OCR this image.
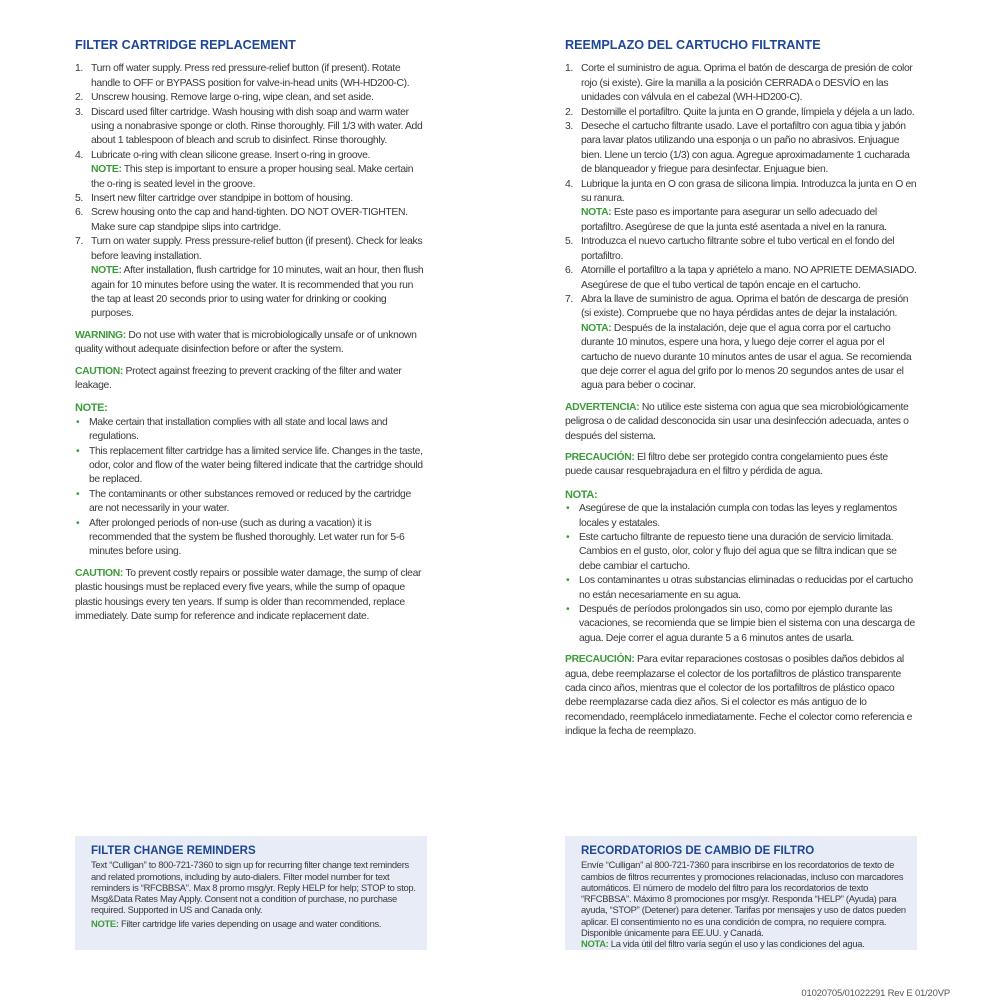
FILTER CARTRIDGE REPLACEMENT
1. Turn off water supply. Press red pressure-relief button (if present). Rotate handle to OFF or BYPASS position for valve-in-head units (WH-HD200-C).
2. Unscrew housing. Remove large o-ring, wipe clean, and set aside.
3. Discard used filter cartridge. Wash housing with dish soap and warm water using a nonabrasive sponge or cloth. Rinse thoroughly. Fill 1/3 with water. Add about 1 tablespoon of bleach and scrub to disinfect. Rinse thoroughly.
4. Lubricate o-ring with clean silicone grease. Insert o-ring in groove.
NOTE: This step is important to ensure a proper housing seal. Make certain the o-ring is seated level in the groove.
5. Insert new filter cartridge over standpipe in bottom of housing.
6. Screw housing onto the cap and hand-tighten. DO NOT OVER-TIGHTEN. Make sure cap standpipe slips into cartridge.
7. Turn on water supply. Press pressure-relief button (if present). Check for leaks before leaving installation.
NOTE: After installation, flush cartridge for 10 minutes, wait an hour, then flush again for 10 minutes before using the water. It is recommended that you run the tap at least 20 seconds prior to using water for drinking or cooking purposes.
WARNING: Do not use with water that is microbiologically unsafe or of unknown quality without adequate disinfection before or after the system.
CAUTION: Protect against freezing to prevent cracking of the filter and water leakage.
NOTE:
• Make certain that installation complies with all state and local laws and regulations.
• This replacement filter cartridge has a limited service life. Changes in the taste, odor, color and flow of the water being filtered indicate that the cartridge should be replaced.
• The contaminants or other substances removed or reduced by the cartridge are not necessarily in your water.
• After prolonged periods of non-use (such as during a vacation) it is recommended that the system be flushed thoroughly. Let water run for 5-6 minutes before using.
CAUTION: To prevent costly repairs or possible water damage, the sump of clear plastic housings must be replaced every five years, while the sump of opaque plastic housings every ten years. If sump is older than recommended, replace immediately. Date sump for reference and indicate replacement date.
REEMPLAZO DEL CARTUCHO FILTRANTE
1. Corte el suministro de agua. Oprima el batón de descarga de presión de color rojo (si existe). Gire la manilla a la posición CERRADA o DESVÍO en las unidades con válvula en el cabezal (WH-HD200-C).
2. Destornille el portafiltro. Quite la junta en O grande, límpiela y déjela a un lado.
3. Deseche el cartucho filtrante usado. Lave el portafiltro con agua tibia y jabón para lavar platos utilizando una esponja o un paño no abrasivos. Enjuague bien. Llene un tercio (1/3) con agua. Agregue aproximadamente 1 cucharada de blanqueador y friegue para desinfectar. Enjuague bien.
4. Lubrique la junta en O con grasa de silicona limpia. Introduzca la junta en O en su ranura.
NOTA: Este paso es importante para asegurar un sello adecuado del portafiltro. Asegúrese de que la junta esté asentada a nivel en la ranura.
5. Introduzca el nuevo cartucho filtrante sobre el tubo vertical en el fondo del portafiltro.
6. Atornille el portafiltro a la tapa y apriételo a mano. NO APRIETE DEMASIADO. Asegúrese de que el tubo vertical de tapón encaje en el cartucho.
7. Abra la llave de suministro de agua. Oprima el batón de descarga de presión (si existe). Compruebe que no haya pérdidas antes de dejar la instalación.
NOTA: Después de la instalación, deje que el agua corra por el cartucho durante 10 minutos, espere una hora, y luego deje correr el agua por el cartucho de nuevo durante 10 minutos antes de usar el agua. Se recomienda que deje correr el agua del grifo por lo menos 20 segundos antes de usar el agua para beber o cocinar.
ADVERTENCIA: No utilice este sistema con agua que sea microbiológicamente peligrosa o de calidad desconocida sin usar una desinfección adecuada, antes o después del sistema.
PRECAUCIÓN: El filtro debe ser protegido contra congelamiento pues éste puede causar resquebrajadura en el filtro y pérdida de agua.
NOTA:
• Asegúrese de que la instalación cumpla con todas las leyes y reglamentos locales y estatales.
• Este cartucho filtrante de repuesto tiene una duración de servicio limitada. Cambios en el gusto, olor, color y flujo del agua que se filtra indican que se debe cambiar el cartucho.
• Los contaminantes u otras substancias eliminadas o reducidas por el cartucho no están necesariamente en su agua.
• Después de períodos prolongados sin uso, como por ejemplo durante las vacaciones, se recomienda que se limpie bien el sistema con una descarga de agua. Deje correr el agua durante 5 a 6 minutos antes de usarla.
PRECAUCIÓN: Para evitar reparaciones costosas o posibles daños debidos al agua, debe reemplazarse el colector de los portafiltros de plástico transparente cada cinco años, mientras que el colector de los portafiltros de plástico opaco debe reemplazarse cada diez años. Si el colector es más antiguo de lo recomendado, reemplácelo inmediatamente. Feche el colector como referencia e indique la fecha de reemplazo.
FILTER CHANGE REMINDERS
Text “Culligan” to 800-721-7360 to sign up for recurring filter change text reminders and related promotions, including by auto-dialers. Filter model number for text reminders is “RFCBBSA”. Max 8 promo msg/yr. Reply HELP for help; STOP to stop. Msg&Data Rates May Apply. Consent not a condition of purchase, no purchase required. Supported in US and Canada only.
NOTE: Filter cartridge life varies depending on usage and water conditions.
RECORDATORIOS DE CAMBIO DE FILTRO
Envíe “Culligan” al 800-721-7360 para inscribirse en los recordatorios de texto de cambios de filtros recurrentes y promociones relacionadas, incluso con marcadores automáticos. El número de modelo del filtro para los recordatorios de texto “RFCBBSA”. Máximo 8 promociones por msg/yr. Responda “HELP” (Ayuda) para ayuda, “STOP” (Detener) para detener. Tarifas por mensajes y uso de datos pueden aplicar. El consentimiento no es una condición de compra, no requiere compra. Disponible únicamente para EE.UU. y Canadá.
NOTA: La vida útil del filtro varía según el uso y las condiciones del agua.
01020705/01022291 Rev E 01/20VP
